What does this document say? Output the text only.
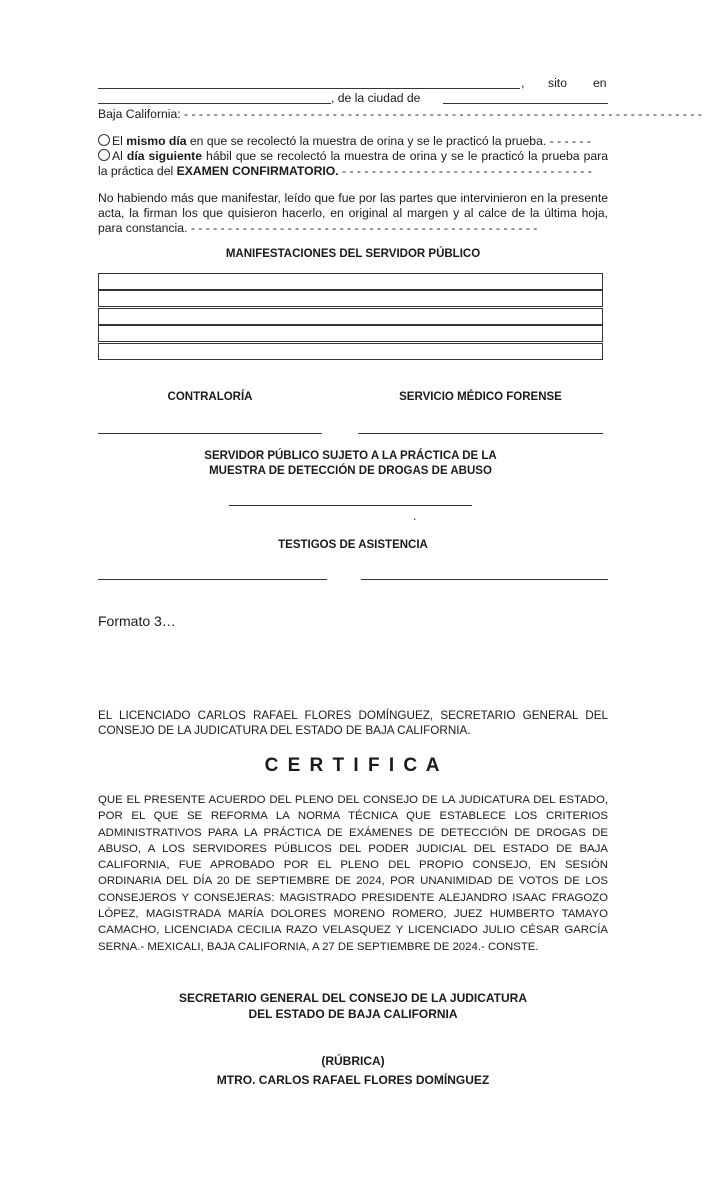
, sito en
, de la ciudad de
Baja California: - - - - - - - - - - - - - - - - - - - - - - - - - - - - - - - - - - - - - - - - - - - - - - - - - - - - - - - - - - - - - - - - - - - - - -
El mismo día en que se recolectó la muestra de orina y se le practicó la prueba. - - - - - -
Al día siguiente hábil que se recolectó la muestra de orina y se le practicó la prueba para la práctica del EXAMEN CONFIRMATORIO. - - - - - - - - - - - - - - - - - - - - - - - - - - - - - - - - - -
No habiendo más que manifestar, leído que fue por las partes que intervinieron en la presente acta, la firman los que quisieron hacerlo, en original al margen y al calce de la última hoja, para constancia. - - - - - - - - - - - - - - - - - - - - - - - - - - - - - - - - - - - - - - - - - - - - - - -
MANIFESTACIONES DEL SERVIDOR PÚBLICO
CONTRALORÍA	SERVICIO MÉDICO FORENSE
SERVIDOR PÚBLICO SUJETO A LA PRÁCTICA DE LA
MUESTRA DE DETECCIÓN DE DROGAS DE ABUSO
.
TESTIGOS DE ASISTENCIA
Formato 3…
EL LICENCIADO CARLOS RAFAEL FLORES DOMÍNGUEZ, SECRETARIO GENERAL DEL CONSEJO DE LA JUDICATURA DEL ESTADO DE BAJA CALIFORNIA.
C E R T I F I C A
QUE EL PRESENTE ACUERDO DEL PLENO DEL CONSEJO DE LA JUDICATURA DEL ESTADO, POR EL QUE SE REFORMA LA NORMA TÉCNICA QUE ESTABLECE LOS CRITERIOS ADMINISTRATIVOS PARA LA PRÁCTICA DE EXÁMENES DE DETECCIÓN DE DROGAS DE ABUSO, A LOS SERVIDORES PÚBLICOS DEL PODER JUDICIAL DEL ESTADO DE BAJA CALIFORNIA, FUE APROBADO POR EL PLENO DEL PROPIO CONSEJO, EN SESIÓN ORDINARIA DEL DÍA 20 DE SEPTIEMBRE DE 2024, POR UNANIMIDAD DE VOTOS DE LOS CONSEJEROS Y CONSEJERAS: MAGISTRADO PRESIDENTE ALEJANDRO ISAAC FRAGOZO LÓPEZ, MAGISTRADA MARÍA DOLORES MORENO ROMERO, JUEZ HUMBERTO TAMAYO CAMACHO, LICENCIADA CECILIA RAZO VELASQUEZ Y LICENCIADO JULIO CÉSAR GARCÍA SERNA.- MEXICALI, BAJA CALIFORNIA, A 27 DE SEPTIEMBRE DE 2024.- CONSTE.
SECRETARIO GENERAL DEL CONSEJO DE LA JUDICATURA
DEL ESTADO DE BAJA CALIFORNIA
(RÚBRICA)
MTRO. CARLOS RAFAEL FLORES DOMÍNGUEZ
